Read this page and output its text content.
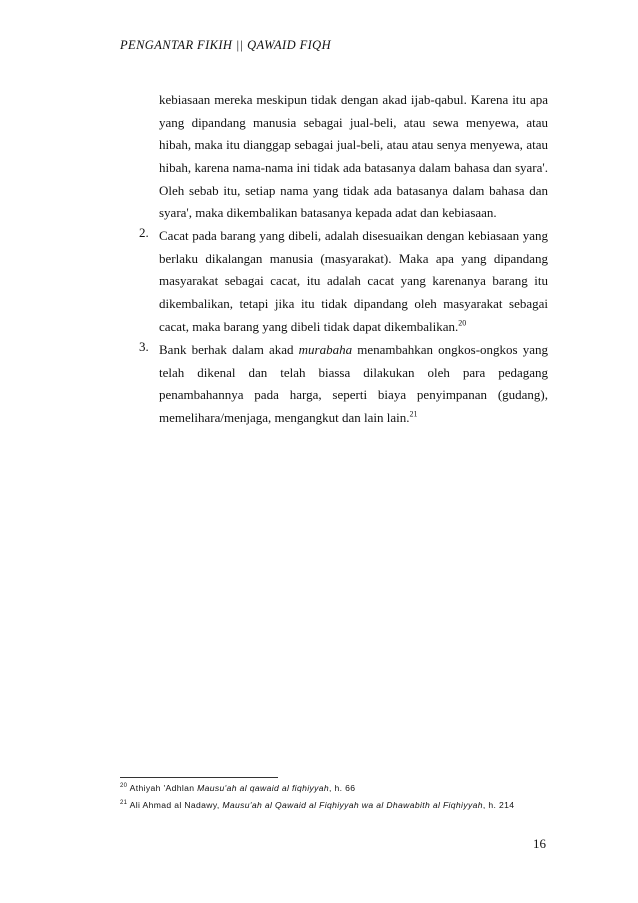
PENGANTAR FIKIH || QAWAID FIQH
kebiasaan mereka meskipun tidak dengan akad ijab-qabul. Karena itu apa
yang dipandang manusia sebagai jual-beli, atau sewa menyewa, atau
hibah, maka itu dianggap sebagai jual-beli, atau atau senya menyewa, atau
hibah, karena nama-nama ini tidak ada batasanya dalam bahasa dan syara'.
Oleh sebab itu, setiap nama yang tidak ada batasanya dalam bahasa dan
syara', maka dikembalikan batasanya kepada adat dan kebiasaan.
2. Cacat pada barang yang dibeli, adalah disesuaikan dengan kebiasaan yang
berlaku dikalangan manusia (masyarakat). Maka apa yang dipandang
masyarakat sebagai cacat, itu adalah cacat yang karenanya barang itu
dikembalikan, tetapi jika itu tidak dipandang oleh masyarakat sebagai
cacat, maka barang yang dibeli tidak dapat dikembalikan.$^{20}$
3. Bank berhak dalam akad murabaha menambahkan ongkos-ongkos yang
telah dikenal dan telah biassa dilakukan oleh para pedagang
penambahannya pada harga, seperti biaya penyimpanan (gudang),
memelihara/menjaga, mengangkut dan lain lain.$^{21}$
$^{20}$ Athiyah 'Adhlan Mausu'ah al qawaid al fiqhiyyah, h. 66
$^{21}$ Ali Ahmad al Nadawy, Mausu'ah al Qawaid al Fiqhiyyah wa al Dhawabith al Fiqhiyyah, h. 214
16
